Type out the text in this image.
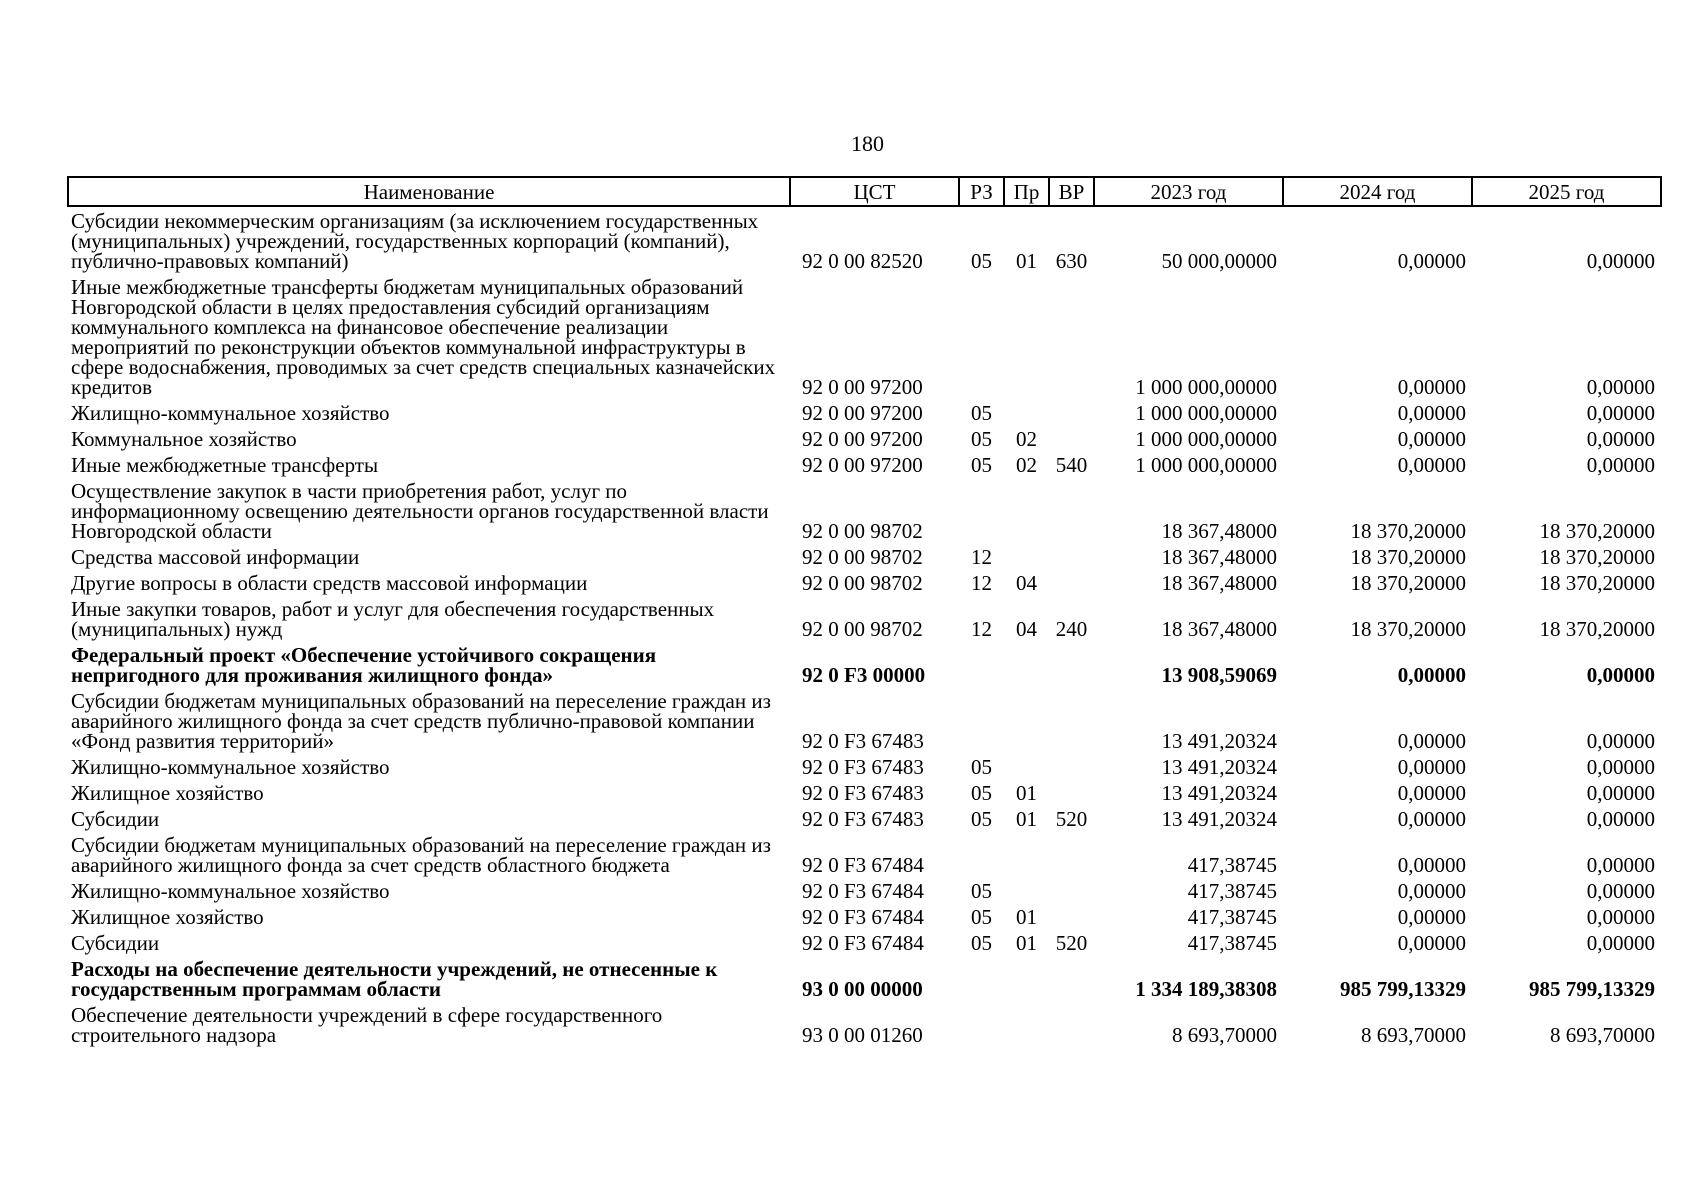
180
Наименование	ЦСТ	РЗ	Пр	ВР	2023 год	2024 год	2025 год
Субсидии некоммерческим организациям (за исключением государственных (муниципальных) учреждений, государственных корпораций (компаний), публично-правовых компаний)	92 0 00 82520	05	01	630	50 000,00000	0,00000	0,00000
Иные межбюджетные трансферты бюджетам муниципальных образований Новгородской области в целях предоставления субсидий организациям коммунального комплекса на финансовое обеспечение реализации мероприятий по реконструкции объектов коммунальной инфраструктуры в сфере водоснабжения, проводимых за счет средств специальных казначейских кредитов	92 0 00 97200				1 000 000,00000	0,00000	0,00000
Жилищно-коммунальное хозяйство	92 0 00 97200	05			1 000 000,00000	0,00000	0,00000
Коммунальное хозяйство	92 0 00 97200	05	02		1 000 000,00000	0,00000	0,00000
Иные межбюджетные трансферты	92 0 00 97200	05	02	540	1 000 000,00000	0,00000	0,00000
Осуществление закупок в части приобретения работ, услуг по информационному освещению деятельности органов государственной власти Новгородской области	92 0 00 98702				18 367,48000	18 370,20000	18 370,20000
Средства массовой информации	92 0 00 98702	12			18 367,48000	18 370,20000	18 370,20000
Другие вопросы в области средств массовой информации	92 0 00 98702	12	04		18 367,48000	18 370,20000	18 370,20000
Иные закупки товаров, работ и услуг для обеспечения государственных (муниципальных) нужд	92 0 00 98702	12	04	240	18 367,48000	18 370,20000	18 370,20000
Федеральный проект «Обеспечение устойчивого сокращения непригодного для проживания жилищного фонда»	92 0 F3 00000				13 908,59069	0,00000	0,00000
Субсидии бюджетам муниципальных образований на переселение граждан из аварийного жилищного фонда за счет средств публично-правовой компании «Фонд развития территорий»	92 0 F3 67483				13 491,20324	0,00000	0,00000
Жилищно-коммунальное хозяйство	92 0 F3 67483	05			13 491,20324	0,00000	0,00000
Жилищное хозяйство	92 0 F3 67483	05	01		13 491,20324	0,00000	0,00000
Субсидии	92 0 F3 67483	05	01	520	13 491,20324	0,00000	0,00000
Субсидии бюджетам муниципальных образований на переселение граждан из аварийного жилищного фонда за счет средств областного бюджета	92 0 F3 67484				417,38745	0,00000	0,00000
Жилищно-коммунальное хозяйство	92 0 F3 67484	05			417,38745	0,00000	0,00000
Жилищное хозяйство	92 0 F3 67484	05	01		417,38745	0,00000	0,00000
Субсидии	92 0 F3 67484	05	01	520	417,38745	0,00000	0,00000
Расходы на обеспечение деятельности учреждений, не отнесенные к государственным программам области	93 0 00 00000				1 334 189,38308	985 799,13329	985 799,13329
Обеспечение деятельности учреждений в сфере государственного строительного надзора	93 0 00 01260				8 693,70000	8 693,70000	8 693,70000
